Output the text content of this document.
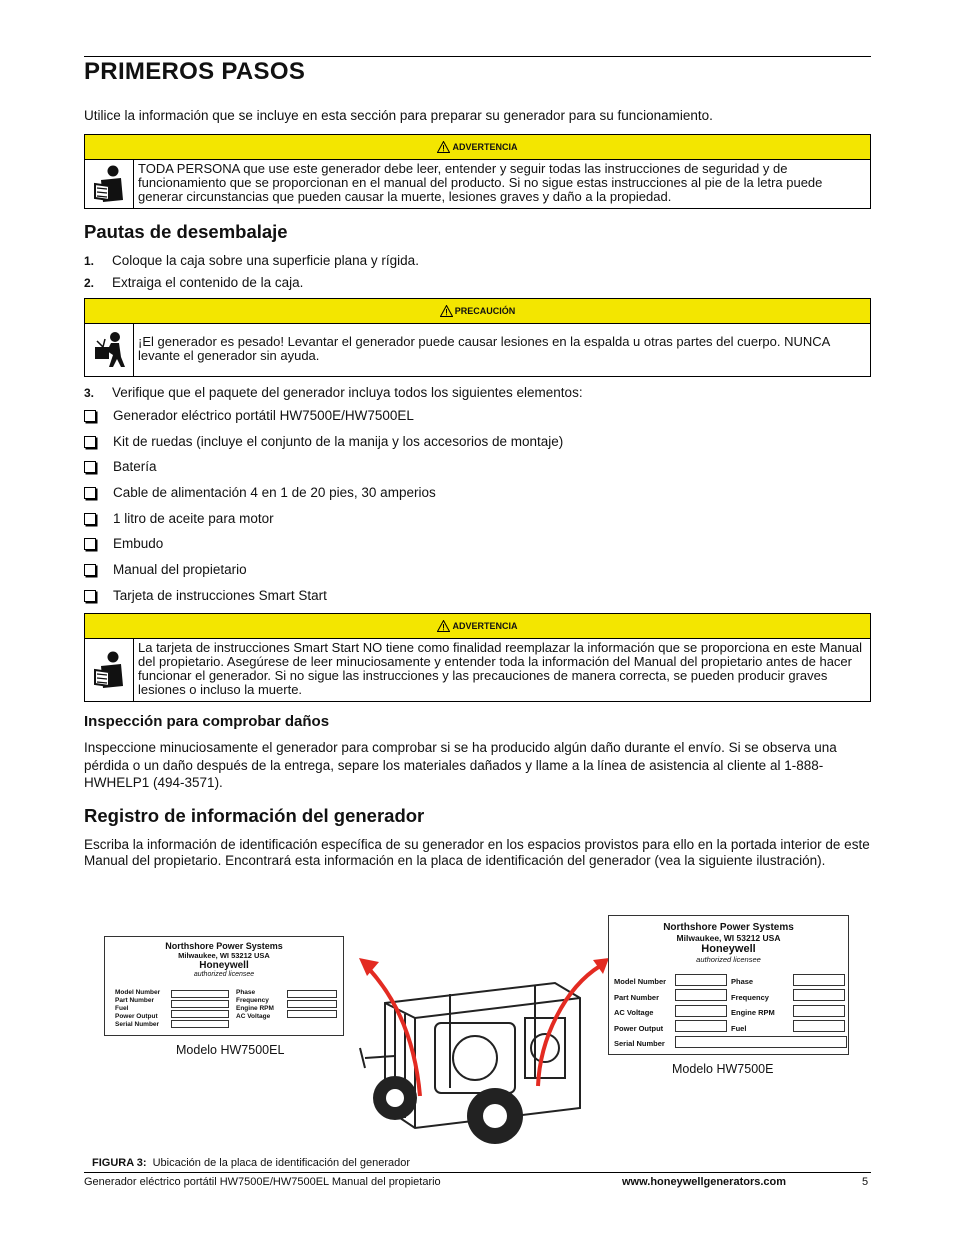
PRIMEROS PASOS
Utilice la información que se incluye en esta sección para preparar su generador para su funcionamiento.
ADVERTENCIA
TODA PERSONA que use este generador debe leer, entender y seguir todas las instrucciones de seguridad y de funcionamiento que se proporcionan en el manual del producto. Si no sigue estas instrucciones al pie de la letra puede generar circunstancias que pueden causar la muerte, lesiones graves y daño a la propiedad.
Pautas de desembalaje
1. Coloque la caja sobre una superficie plana y rígida.
2. Extraiga el contenido de la caja.
PRECAUCIÓN
¡El generador es pesado! Levantar el generador puede causar lesiones en la espalda u otras partes del cuerpo. NUNCA levante el generador sin ayuda.
3. Verifique que el paquete del generador incluya todos los siguientes elementos:
Generador eléctrico portátil HW7500E/HW7500EL
Kit de ruedas (incluye el conjunto de la manija y los accesorios de montaje)
Batería
Cable de alimentación 4 en 1 de 20 pies, 30 amperios
1 litro de aceite para motor
Embudo
Manual del propietario
Tarjeta de instrucciones Smart Start
ADVERTENCIA
La tarjeta de instrucciones Smart Start NO tiene como finalidad reemplazar la información que se proporciona en este Manual del propietario. Asegúrese de leer minuciosamente y entender toda la información del Manual del propietario antes de hacer funcionar el generador. Si no sigue las instrucciones y las precauciones de manera correcta, se pueden producir graves lesiones o incluso la muerte.
Inspección para comprobar daños
Inspeccione minuciosamente el generador para comprobar si se ha producido algún daño durante el envío. Si se observa una pérdida o un daño después de la entrega, separe los materiales dañados y llame a la línea de asistencia al cliente al 1-888-HWHELP1 (494-3571).
Registro de información del generador
Escriba la información de identificación específica de su generador en los espacios provistos para ello en la portada interior de este Manual del propietario. Encontrará esta información en la placa de identificación del generador (vea la siguiente ilustración).
Northshore Power Systems
Milwaukee, WI 53212 USA
Honeywell
authorized licensee
Model Number
Part Number
Fuel
Power Output
Serial Number
Phase
Frequency
Engine RPM
AC Voltage
Modelo HW7500EL
Northshore Power Systems
Milwaukee, WI 53212 USA
Honeywell
authorized licensee
Model Number
Part Number
AC Voltage
Power Output
Serial Number
Phase
Frequency
Engine RPM
Fuel
Modelo HW7500E
FIGURA 3: Ubicación de la placa de identificación del generador
Generador eléctrico portátil HW7500E/HW7500EL Manual del propietario	www.honeywellgenerators.com	5
